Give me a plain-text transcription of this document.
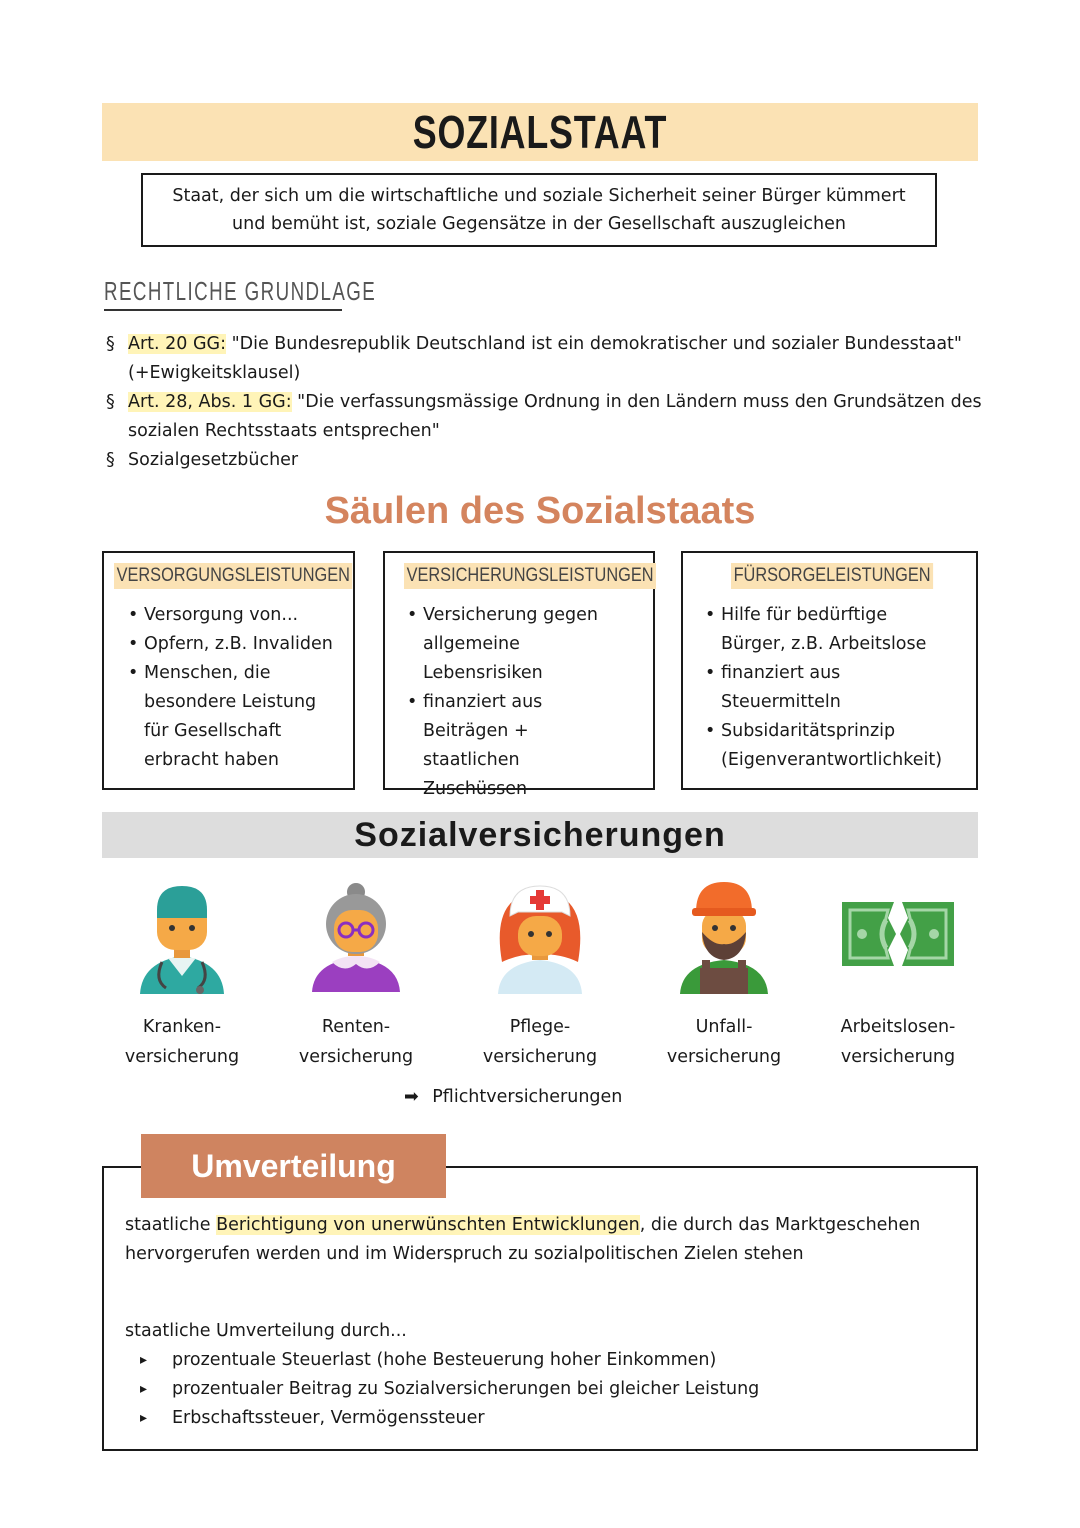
SOZIALSTAAT
Staat, der sich um die wirtschaftliche und soziale Sicherheit seiner Bürger kümmert und bemüht ist, soziale Gegensätze in der Gesellschaft auszugleichen
RECHTLICHE GRUNDLAGE
§ Art. 20 GG: "Die Bundesrepublik Deutschland ist ein demokratischer und sozialer Bundesstaat" (+Ewigkeitsklausel)
§ Art. 28, Abs. 1 GG: "Die verfassungsmässige Ordnung in den Ländern muss den Grundsätzen des sozialen Rechtsstaats entsprechen"
§ Sozialgesetzbücher
Säulen des Sozialstaats
VERSORGUNGSLEISTUNGEN
• Versorgung von...
• Opfern, z.B. Invaliden
• Menschen, die besondere Leistung für Gesellschaft erbracht haben
VERSICHERUNGSLEISTUNGEN
• Versicherung gegen allgemeine Lebensrisiken
• finanziert aus Beiträgen + staatlichen Zuschüssen
FÜRSORGELEISTUNGEN
• Hilfe für bedürftige Bürger, z.B. Arbeitslose
• finanziert aus Steuermitteln
• Subsidaritätsprinzip (Eigenverantwortlichkeit)
Sozialversicherungen
Kranken-
versicherung
Renten-
versicherung
Pflege-
versicherung
Unfall-
versicherung
Arbeitslosen-
versicherung
➡ Pflichtversicherungen
Umverteilung
staatliche Berichtigung von unerwünschten Entwicklungen, die durch das Marktgeschehen hervorgerufen werden und im Widerspruch zu sozialpolitischen Zielen stehen
staatliche Umverteilung durch...
▸ prozentuale Steuerlast (hohe Besteuerung hoher Einkommen)
▸ prozentualer Beitrag zu Sozialversicherungen bei gleicher Leistung
▸ Erbschaftssteuer, Vermögenssteuer
